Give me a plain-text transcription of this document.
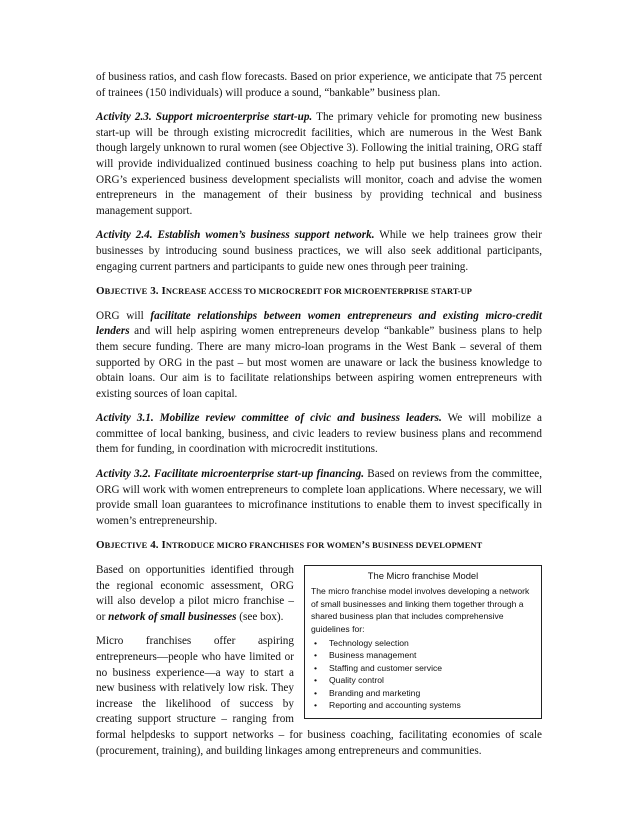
of business ratios, and cash flow forecasts. Based on prior experience, we anticipate that 75 percent of trainees (150 individuals) will produce a sound, “bankable” business plan.

Activity 2.3. Support microenterprise start-up. The primary vehicle for promoting new business start-up will be through existing microcredit facilities, which are numerous in the West Bank though largely unknown to rural women (see Objective 3). Following the initial training, ORG staff will provide individualized continued business coaching to help put business plans into action. ORG’s experienced business development specialists will monitor, coach and advise the women entrepreneurs in the management of their business by providing technical and business management support.

Activity 2.4. Establish women’s business support network. While we help trainees grow their businesses by introducing sound business practices, we will also seek additional participants, engaging current partners and participants to guide new ones through peer training.

OBJECTIVE 3. INCREASE ACCESS TO MICROCREDIT FOR MICROENTERPRISE START-UP

ORG will facilitate relationships between women entrepreneurs and existing micro-credit lenders and will help aspiring women entrepreneurs develop “bankable” business plans to help them secure funding. There are many micro-loan programs in the West Bank – several of them supported by ORG in the past – but most women are unaware or lack the business knowledge to obtain loans. Our aim is to facilitate relationships between aspiring women entrepreneurs with existing sources of loan capital.

Activity 3.1. Mobilize review committee of civic and business leaders. We will mobilize a committee of local banking, business, and civic leaders to review business plans and recommend them for funding, in coordination with microcredit institutions.

Activity 3.2. Facilitate microenterprise start-up financing. Based on reviews from the committee, ORG will work with women entrepreneurs to complete loan applications. Where necessary, we will provide small loan guarantees to microfinance institutions to enable them to invest specifically in women’s entrepreneurship.

OBJECTIVE 4. INTRODUCE MICRO FRANCHISES FOR WOMEN’S BUSINESS DEVELOPMENT
The Micro franchise Model
The micro franchise model involves developing a network of small businesses and linking them together through a shared business plan that includes comprehensive guidelines for:
• Technology selection
• Business management
• Staffing and customer service
• Quality control
• Branding and marketing
• Reporting and accounting systems

Based on opportunities identified through the regional economic assessment, ORG will also develop a pilot micro franchise – or network of small businesses (see box).

Micro franchises offer aspiring entrepreneurs—people who have limited or no business experience—a way to start a new business with relatively low risk. They increase the likelihood of success by creating support structure – ranging from formal helpdesks to support networks – for business coaching, facilitating economies of scale (procurement, training), and building linkages among entrepreneurs and communities.
